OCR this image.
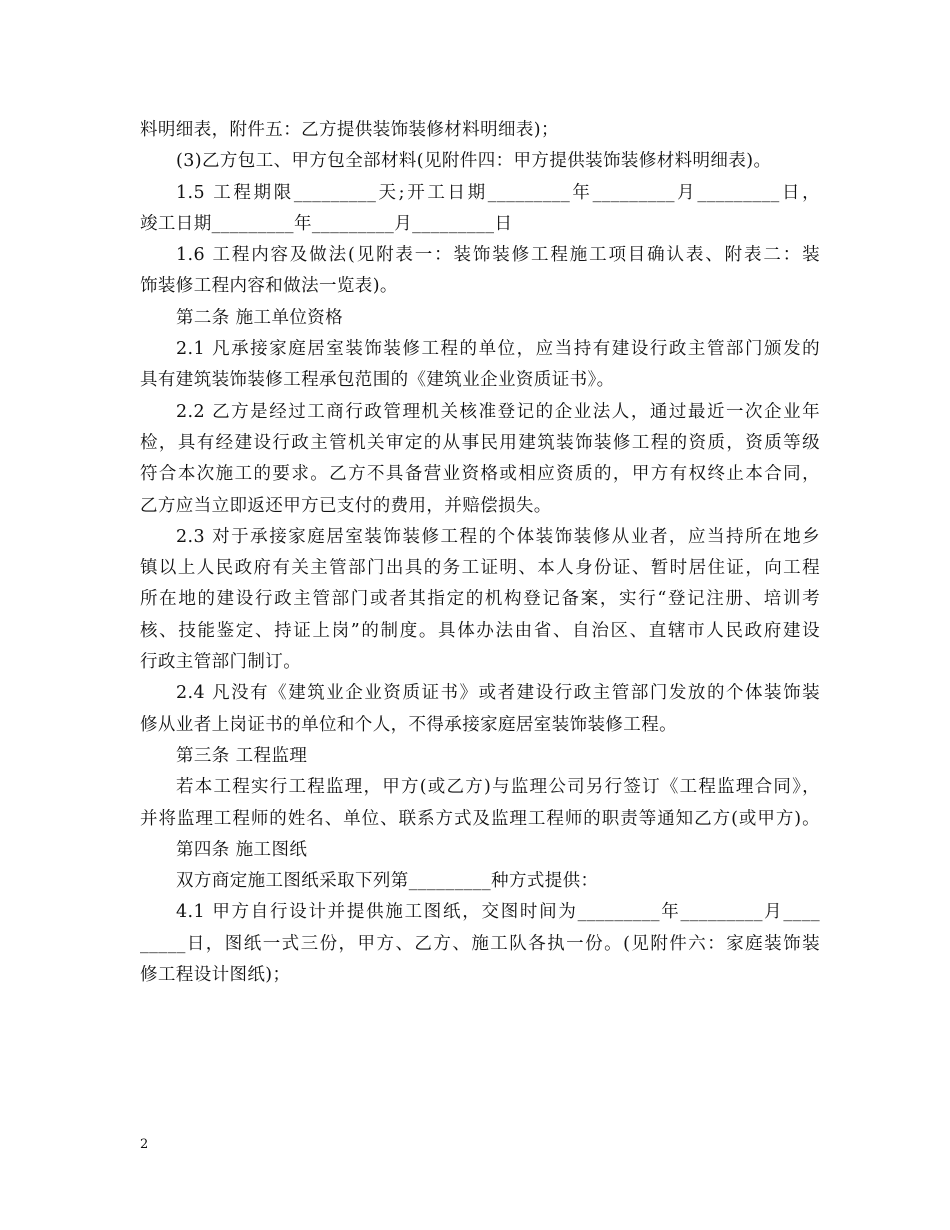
料明细表，附件五：乙方提供装饰装修材料明细表)；
(3)乙方包工、甲方包全部材料(见附件四：甲方提供装饰装修材料明细表)。
1.5 工程期限_________天;开工日期_________年_________月_________日，
竣工日期_________年_________月_________日
1.6 工程内容及做法(见附表一：装饰装修工程施工项目确认表、附表二：装
饰装修工程内容和做法一览表)。
第二条 施工单位资格
2.1 凡承接家庭居室装饰装修工程的单位，应当持有建设行政主管部门颁发的
具有建筑装饰装修工程承包范围的《建筑业企业资质证书》。
2.2 乙方是经过工商行政管理机关核准登记的企业法人，通过最近一次企业年
检，具有经建设行政主管机关审定的从事民用建筑装饰装修工程的资质，资质等级
符合本次施工的要求。乙方不具备营业资格或相应资质的，甲方有权终止本合同，
乙方应当立即返还甲方已支付的费用，并赔偿损失。
2.3 对于承接家庭居室装饰装修工程的个体装饰装修从业者，应当持所在地乡
镇以上人民政府有关主管部门出具的务工证明、本人身份证、暂时居住证，向工程
所在地的建设行政主管部门或者其指定的机构登记备案，实行“登记注册、培训考
核、技能鉴定、持证上岗”的制度。具体办法由省、自治区、直辖市人民政府建设
行政主管部门制订。
2.4 凡没有《建筑业企业资质证书》或者建设行政主管部门发放的个体装饰装
修从业者上岗证书的单位和个人，不得承接家庭居室装饰装修工程。
第三条 工程监理
若本工程实行工程监理，甲方(或乙方)与监理公司另行签订《工程监理合同》，
并将监理工程师的姓名、单位、联系方式及监理工程师的职责等通知乙方(或甲方)。
第四条 施工图纸
双方商定施工图纸采取下列第_________种方式提供：
4.1 甲方自行设计并提供施工图纸，交图时间为_________年_________月____
_____日，图纸一式三份，甲方、乙方、施工队各执一份。(见附件六：家庭装饰装
修工程设计图纸)；
2
